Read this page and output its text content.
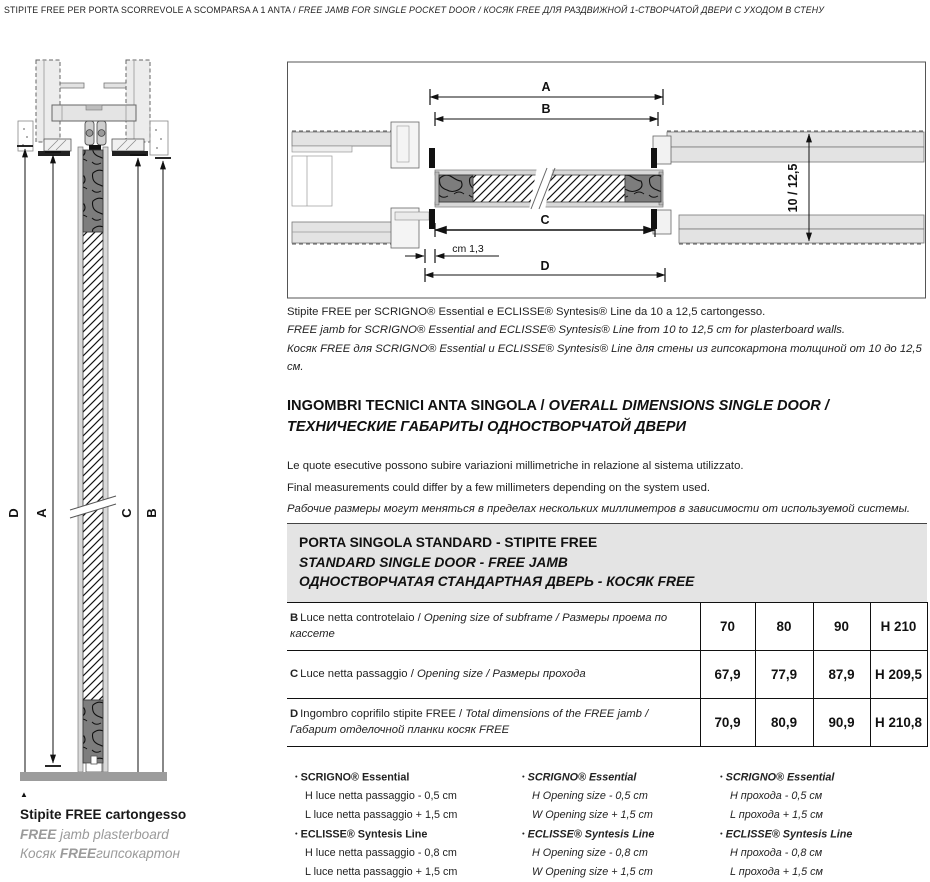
STIPITE FREE PER PORTA SCORREVOLE A SCOMPARSA A 1 ANTA / FREE JAMB FOR SINGLE POCKET DOOR / КОСЯК FREE ДЛЯ РАЗДВИЖНОЙ 1-СТВОРЧАТОЙ ДВЕРИ С УХОДОМ В СТЕНУ
D A	C B
A
B
C
cm 1,3
D
10 / 12,5
Stipite FREE per SCRIGNO® Essential e ECLISSE® Syntesis® Line da 10 a 12,5 cartongesso.
FREE jamb for SCRIGNO® Essential and ECLISSE® Syntesis® Line from 10 to 12,5 cm for plasterboard walls.
Косяк FREE для SCRIGNO® Essential и ECLISSE® Syntesis® Line для стены из гипсокартона толщиной от 10 до 12,5 см.
INGOMBRI TECNICI ANTA SINGOLA / OVERALL DIMENSIONS SINGLE DOOR /
ТЕХНИЧЕСКИЕ ГАБАРИТЫ ОДНОСТВОРЧАТОЙ ДВЕРИ
Le quote esecutive possono subire variazioni millimetriche in relazione al sistema utilizzato.
Final measurements could differ by a few millimeters depending on the system used.
Рабочие размеры могут меняться в пределах нескольких миллиметров в зависимости от используемой системы.
PORTA SINGOLA STANDARD - STIPITE FREE
STANDARD SINGLE DOOR - FREE JAMB
ОДНОСТВОРЧАТАЯ СТАНДАРТНАЯ ДВЕРЬ - КОСЯК FREE
B Luce netta controtelaio / Opening size of subframe / Размеры проема по кассете	70	80	90	H 210
C Luce netta passaggio / Opening size / Размеры прохода	67,9	77,9	87,9	H 209,5
D Ingombro coprifilo stipite FREE / Total dimensions of the FREE jamb / Габарит отделочной планки косяк FREE	70,9	80,9	90,9	H 210,8
• SCRIGNO® Essential
H luce netta passaggio - 0,5 cm
L luce netta passaggio + 1,5 cm
• ECLISSE® Syntesis Line
H luce netta passaggio - 0,8 cm
L luce netta passaggio + 1,5 cm
• SCRIGNO® Essential
H Opening size - 0,5 cm
W Opening size + 1,5 cm
• ECLISSE® Syntesis Line
H Opening size - 0,8 cm
W Opening size + 1,5 cm
• SCRIGNO® Essential
H прохода - 0,5 см
L прохода + 1,5 см
• ECLISSE® Syntesis Line
H прохода - 0,8 см
L прохода + 1,5 см
▲
Stipite FREE cartongesso
FREE jamb plasterboard
Косяк FREEгипсокартон
